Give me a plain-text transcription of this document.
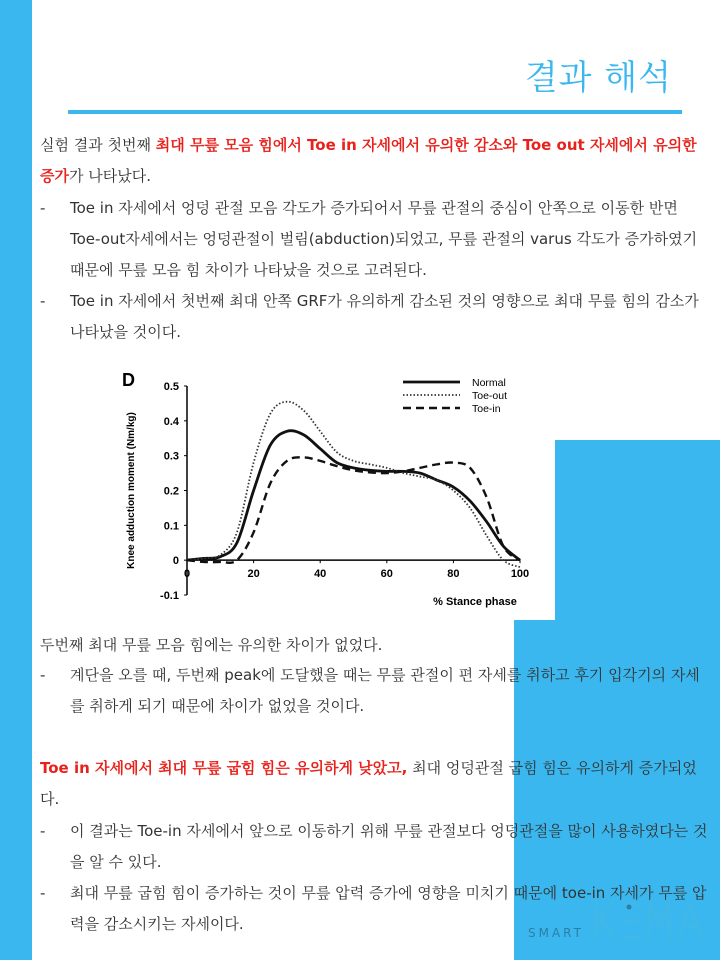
결과 해석

실험 결과 첫번째 최대 무릎 모음 힘에서 Toe in 자세에서 유의한 감소와 Toe out 자세에서 유의한 증가가 나타났다.

- Toe in 자세에서 엉덩 관절 모음 각도가 증가되어서 무릎 관절의 중심이 안쪽으로 이동한 반면 Toe-out자세에서는 엉덩관절이 벌림(abduction)되었고, 무릎 관절의 varus 각도가 증가하였기 때문에 무릎 모음 힘 차이가 나타났을 것으로 고려된다.
- Toe in 자세에서 첫번째 최대 안쪽 GRF가 유의하게 감소된 것의 영향으로 최대 무릎 힘의 감소가 나타났을 것이다.
0.5
0.4
0.3
0.2
0.1
0
-0.1
0	20	40	60	80	100
D
Knee adduction moment (Nm/kg)
% Stance phase
Normal
Toe-out
Toe-in

두번째 최대 무릎 모음 힘에는 유의한 차이가 없었다.

- 계단을 오를 때, 두번째 peak에 도달했을 때는 무릎 관절이 편 자세를 취하고 후기 입각기의 자세를 취하게 되기 때문에 차이가 없었을 것이다.

Toe in 자세에서 최대 무릎 굽힘 힘은 유의하게 낮았고, 최대 엉덩관절 굽힘 힘은 유의하게 증가되었다.

- 이 결과는 Toe-in 자세에서 앞으로 이동하기 위해 무릎 관절보다 엉덩관절을 많이 사용하였다는 것을 알 수 있다.
- 최대 무릎 굽힘 힘이 증가하는 것이 무릎 압력 증가에 영향을 미치기 때문에 toe-in 자세가 무릎 압력을 감소시키는 자세이다.	SMART
